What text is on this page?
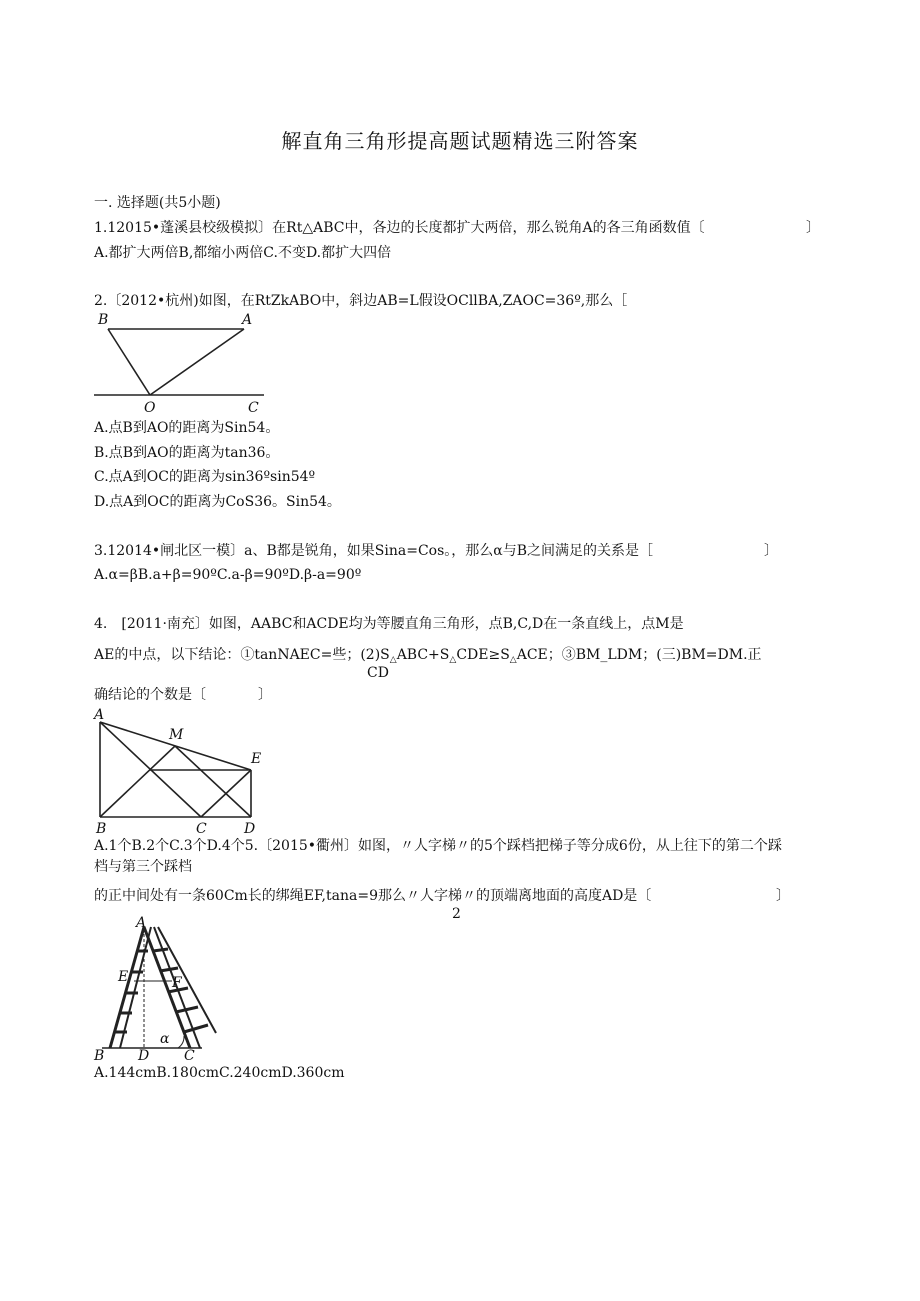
解直角三角形提高题试题精选三附答案
一. 选择题(共5小题)
1.12015•蓬溪县校级模拟〕在Rt△ABC中，各边的长度都扩大两倍，那么锐角A的各三角函数值〔	〕
A.都扩大两倍B,都缩小两倍C.不变D.都扩大四倍
2.〔2012•杭州)如图，在RtZkABO中，斜边AB=L假设OCllBA,ZAOC=36º,那么［
B	A
O	C
A.点B到AO的距离为Sin54。
B.点B到AO的距离为tan36。
C.点A到OC的距离为sin36ºsin54º
D.点A到OC的距离为CoS36。Sin54。
3.12014•闸北区一模〕a、B都是锐角，如果Sina=Cos。，那么α与B之间满足的关系是［	〕
A.α=βB.a+β=90ºC.a-β=90ºD.β-a=90º
4.　[2011·南充〕如图，AABC和ACDE均为等腰直角三角形，点B,C,D在一条直线上，点M是
AE的中点，以下结论：①tanNAEC=些；$(2)S_\triangle ABC+S_\triangle CDE\ge S_\triangle ACE$；③BM_LDM；(三)BM=DM.正
CD
确结论的个数是〔	〕
A
M
E
B	C	D
A.1个B.2个C.3个D.4个5.〔2015•衢州〕如图，〃人字梯〃的5个踩档把梯子等分成6份，从上往下的第二个踩
档与第三个踩档
的正中间处有一条60Cm长的绑绳EF,tana=9那么〃人字梯〃的顶端离地面的高度AD是〔	〕
2
A
E	F
α
B D C
A.144cmB.180cmC.240cmD.360cm
